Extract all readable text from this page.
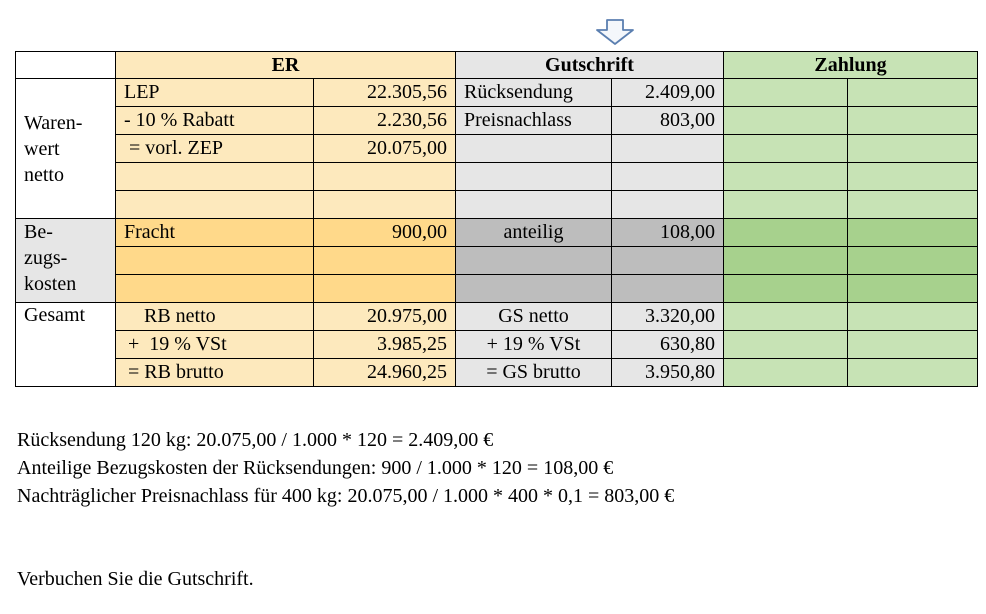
	ER		Gutschrift		Zahlung	

Waren-
wert
netto	LEP	22.305,56	Rücksendung	2.409,00		
	- 10 % Rabatt	2.230,56	Preisnachlass	803,00		
	= vorl. ZEP	20.075,00				

Be-
zugs-
kosten	Fracht	900,00	anteilig	108,00		

Gesamt	RB netto	20.975,00	GS netto	3.320,00		
	+  19 % VSt	3.985,25	+ 19 % VSt	630,80		
	= RB brutto	24.960,25	= GS brutto	3.950,80		
Rücksendung 120 kg: 20.075,00 / 1.000 * 120 = 2.409,00 €
Anteilige Bezugskosten der Rücksendungen: 900 / 1.000 * 120 = 108,00 €
Nachträglicher Preisnachlass für 400 kg: 20.075,00 / 1.000 * 400 * 0,1 = 803,00 €
Verbuchen Sie die Gutschrift.
